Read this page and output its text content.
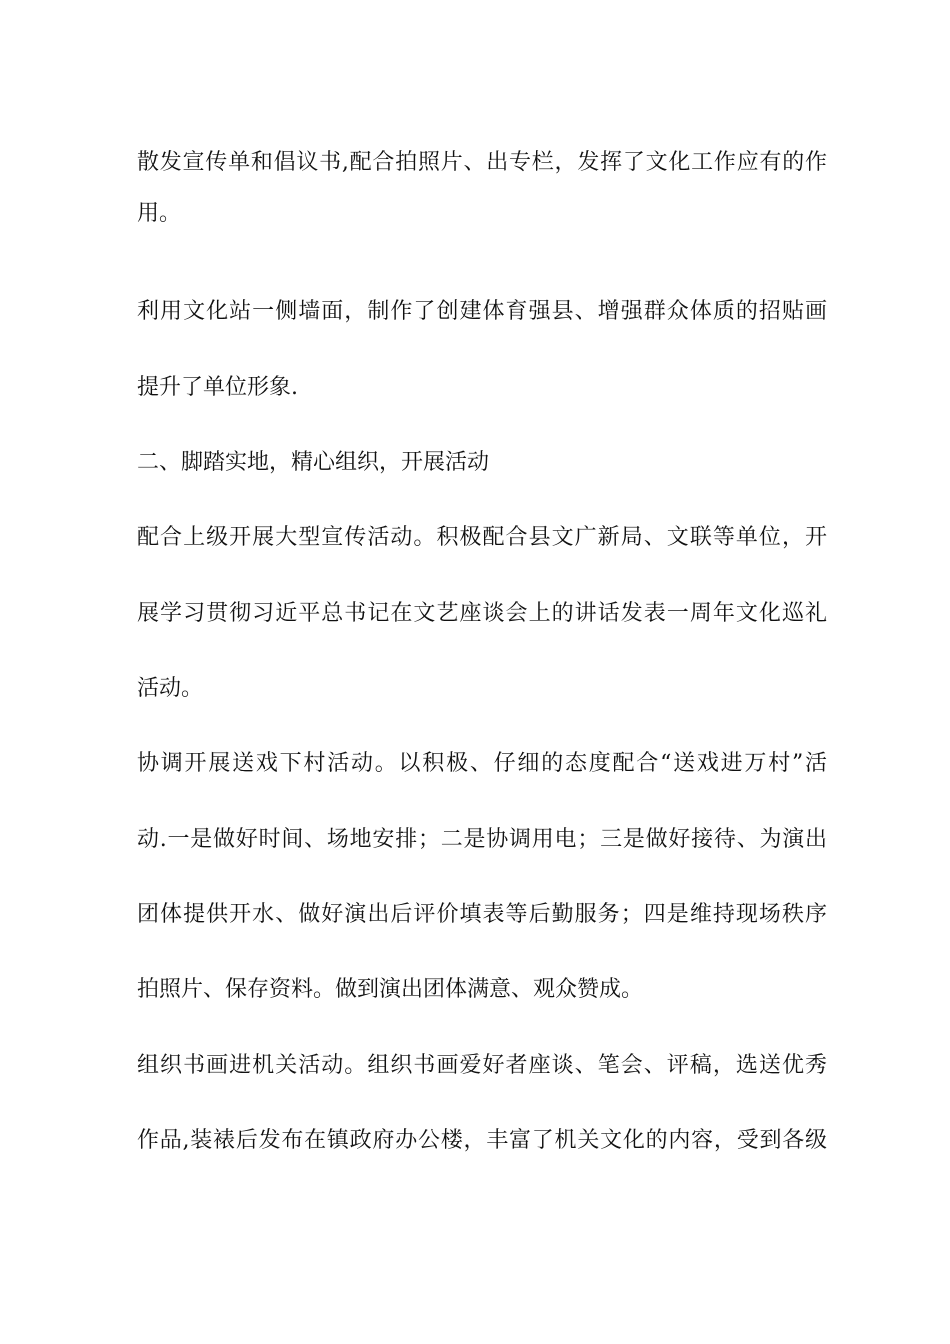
散发宣传单和倡议书,配合拍照片、出专栏，发挥了文化工作应有的作
用。
利用文化站一侧墙面，制作了创建体育强县、增强群众体质的招贴画
提升了单位形象.
二、脚踏实地，精心组织，开展活动
配合上级开展大型宣传活动。积极配合县文广新局、文联等单位，开
展学习贯彻习近平总书记在文艺座谈会上的讲话发表一周年文化巡礼
活动。
协调开展送戏下村活动。以积极、仔细的态度配合“送戏进万村”活
动.一是做好时间、场地安排；二是协调用电；三是做好接待、为演出
团体提供开水、做好演出后评价填表等后勤服务；四是维持现场秩序
拍照片、保存资料。做到演出团体满意、观众赞成。
组织书画进机关活动。组织书画爱好者座谈、笔会、评稿，选送优秀
作品,装裱后发布在镇政府办公楼，丰富了机关文化的内容，受到各级
